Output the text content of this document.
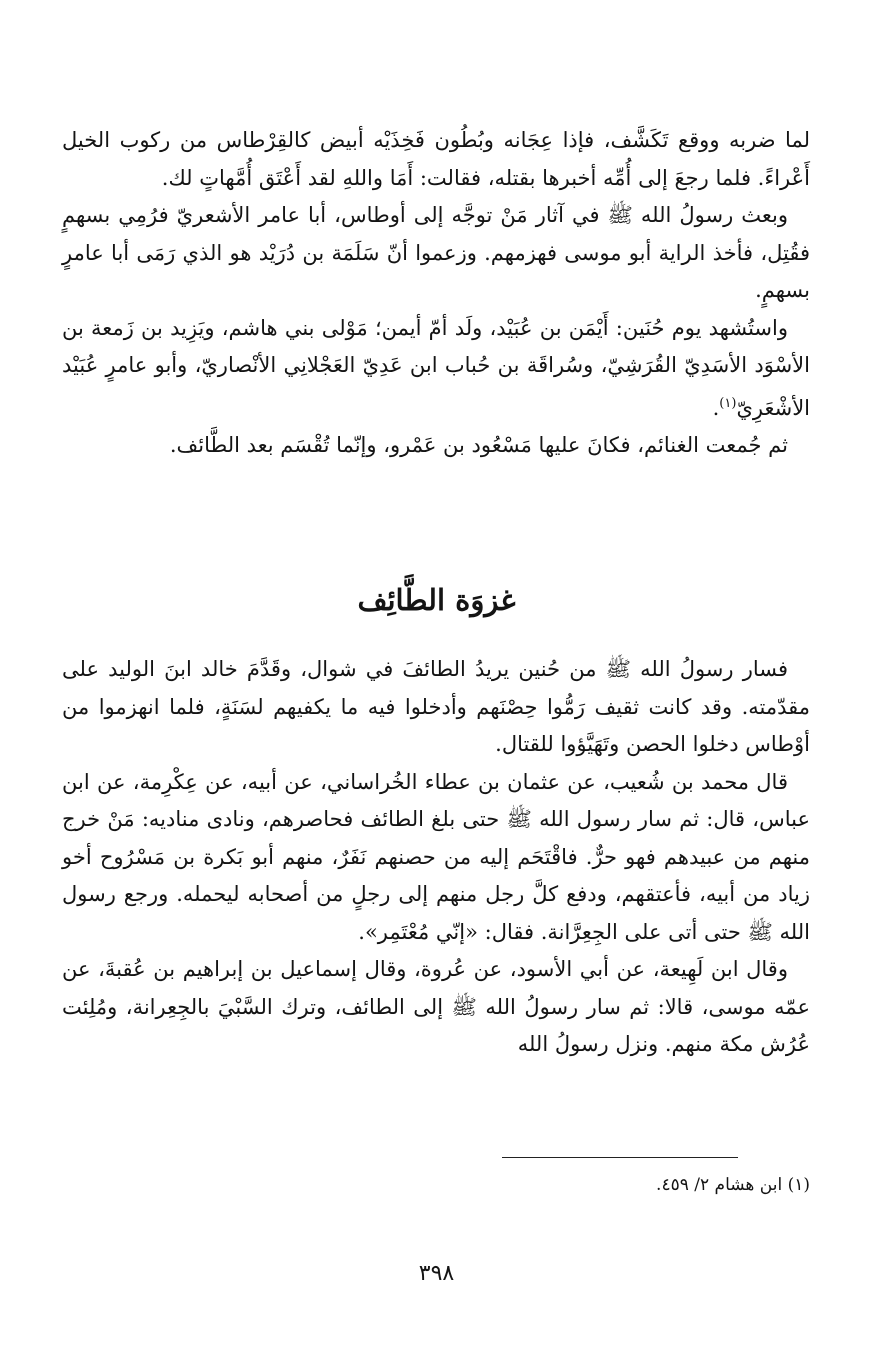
لما ضربه ووقع تَكَشَّف، فإذا عِجَانه وبُطُون فَخِذَيْه أبيض كالقِرْطاس من ركوب الخيل أَعْراءً. فلما رجعَ إلى أُمِّه أخبرها بقتله، فقالت: أَمَا واللهِ لقد أَعْتَق أُمَّهاتٍ لك.

وبعث رسولُ الله ﷺ في آثار مَنْ توجَّه إلى أوطاس، أبا عامر الأشعريّ فرُمِي بسهمٍ فقُتِل، فأخذ الراية أبو موسى فهزمهم. وزعموا أنّ سَلَمَة بن دُرَيْد هو الذي رَمَى أبا عامرٍ بسهمٍ.

واستُشهد يوم حُنَين: أَيْمَن بن عُبَيْد، ولَد أمّ أيمن؛ مَوْلى بني هاشم، ويَزِيد بن زَمعة بن الأسْوَد الأسَدِيّ القُرَشِيّ، وسُراقَة بن حُباب ابن عَدِيّ العَجْلانِي الأنْصاريّ، وأبو عامرٍ عُبَيْد الأشْعَرِيّ$^{(١)}$.

ثم جُمعت الغنائم، فكانَ عليها مَسْعُود بن عَمْرو، وإنّما تُقْسَم بعد الطَّائف.

غزوَة الطَّائِف

فسار رسولُ الله ﷺ من حُنين يريدُ الطائفَ في شوال، وقَدَّمَ خالد ابنَ الوليد على مقدّمته. وقد كانت ثقيف رَمُّوا حِصْنَهم وأدخلوا فيه ما يكفيهم لسَنَةٍ، فلما انهزموا من أوْطاس دخلوا الحصن وتَهَيَّؤوا للقتال.

قال محمد بن شُعيب، عن عثمان بن عطاء الخُراساني، عن أبيه، عن عِكْرِمة، عن ابن عباس، قال: ثم سار رسول الله ﷺ حتى بلغ الطائف فحاصرهم، ونادى مناديه: مَنْ خرج منهم من عبيدهم فهو حرٌّ. فاقْتَحَم إليه من حصنهم نَفَرٌ، منهم أبو بَكرة بن مَسْرُوح أخو زياد من أبيه، فأعتقهم، ودفع كلَّ رجل منهم إلى رجلٍ من أصحابه ليحمله. ورجع رسول الله ﷺ حتى أتى على الجِعِرَّانة. فقال: «إنّي مُعْتَمِر».

وقال ابن لَهِيعة، عن أبي الأسود، عن عُروة، وقال إسماعيل بن إبراهيم بن عُقبةَ، عن عمّه موسى، قالا: ثم سار رسولُ الله ﷺ إلى الطائف، وترك السَّبْيَ بالجِعِرانة، ومُلِئت عُرُش مكة منهم. ونزل رسولُ الله

(١) ابن هشام ٢/ ٤٥٩.
٣٩٨
